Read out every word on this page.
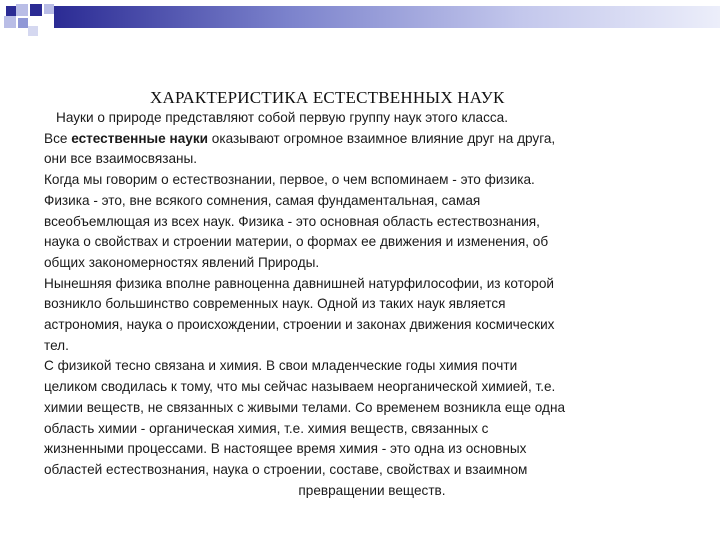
ХАРАКТЕРИСТИКА ЕСТЕСТВЕННЫХ НАУК
Науки о природе представляют собой первую группу наук этого класса.
Все естественные науки оказывают огромное взаимное влияние друг на друга,
они все взаимосвязаны.
Когда мы говорим о естествознании, первое, о чем вспоминаем - это физика.
Физика - это, вне всякого сомнения, самая фундаментальная, самая
всеобъемлющая из всех наук. Физика - это основная область естествознания,
наука о свойствах и строении материи, о формах ее движения и изменения, об
общих закономерностях явлений Природы.
Нынешняя физика вполне равноценна давнишней натурфилософии, из которой
возникло большинство современных наук. Одной из таких наук является
астрономия, наука о происхождении, строении и законах движения космических
тел.
С физикой тесно связана и химия. В свои младенческие годы химия почти
целиком сводилась к тому, что мы сейчас называем неорганической химией, т.е.
химии веществ, не связанных с живыми телами. Со временем возникла еще одна
область химии - органическая химия, т.е. химия веществ, связанных с
жизненными процессами. В настоящее время химия - это одна из основных
областей естествознания, наука о строении, составе, свойствах и взаимном
превращении веществ.
